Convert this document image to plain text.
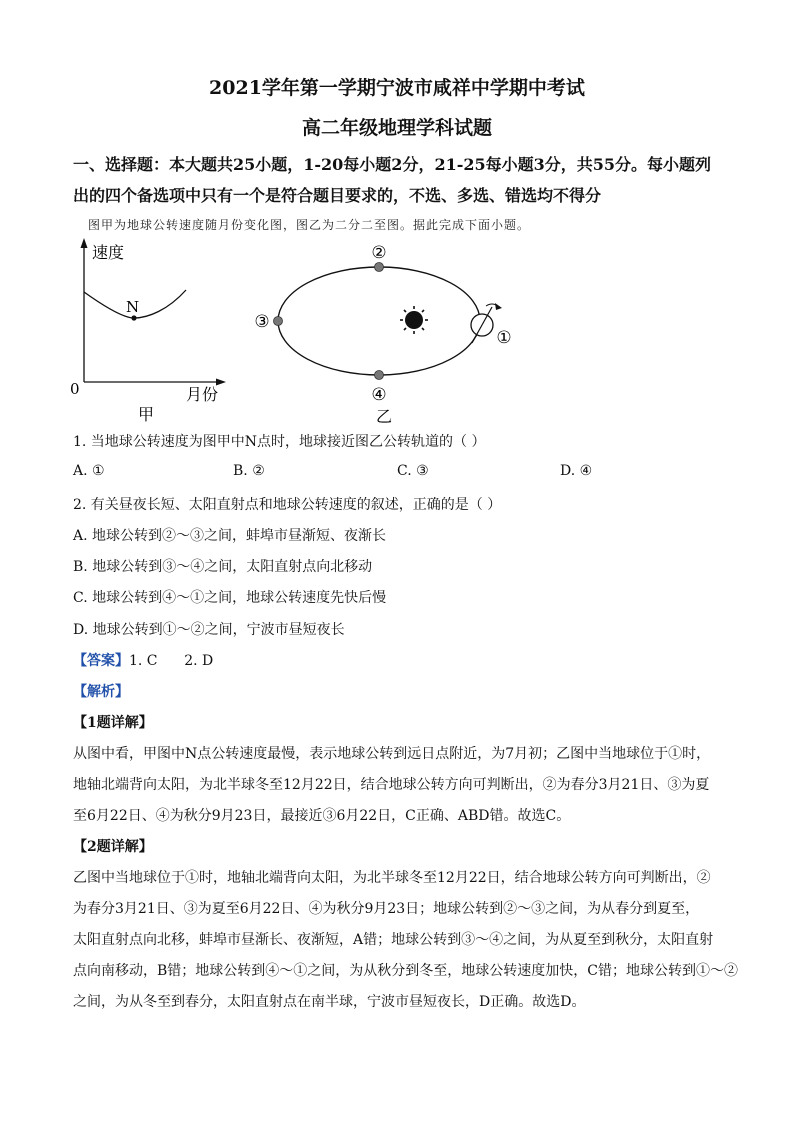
2021学年第一学期宁波市咸祥中学期中考试
高二年级地理学科试题
一、选择题：本大题共25小题，1-20每小题2分，21-25每小题3分，共55分。每小题列
出的四个备选项中只有一个是符合题目要求的，不选、多选、错选均不得分
图甲为地球公转速度随月份变化图，图乙为二分二至图。据此完成下面小题。
N
速度
月份
0
甲
②
③
④
①
乙
1. 当地球公转速度为图甲中N点时，地球接近图乙公转轨道的（ ）
A. ①	B. ②	C. ③	D. ④
2. 有关昼夜长短、太阳直射点和地球公转速度的叙述，正确的是（ ）
A. 地球公转到②～③之间，蚌埠市昼渐短、夜渐长
B. 地球公转到③～④之间，太阳直射点向北移动
C. 地球公转到④～①之间，地球公转速度先快后慢
D. 地球公转到①～②之间，宁波市昼短夜长
【答案】1. C      2. D
【解析】
【1题详解】
从图中看，甲图中N点公转速度最慢，表示地球公转到远日点附近，为7月初；乙图中当地球位于①时，
地轴北端背向太阳，为北半球冬至12月22日，结合地球公转方向可判断出，②为春分3月21日、③为夏
至6月22日、④为秋分9月23日，最接近③6月22日，C正确、ABD错。故选C。
【2题详解】
乙图中当地球位于①时，地轴北端背向太阳，为北半球冬至12月22日，结合地球公转方向可判断出，②
为春分3月21日、③为夏至6月22日、④为秋分9月23日；地球公转到②～③之间，为从春分到夏至，
太阳直射点向北移，蚌埠市昼渐长、夜渐短，A错；地球公转到③～④之间，为从夏至到秋分，太阳直射
点向南移动，B错；地球公转到④～①之间，为从秋分到冬至，地球公转速度加快，C错；地球公转到①～②
之间，为从冬至到春分，太阳直射点在南半球，宁波市昼短夜长，D正确。故选D。
